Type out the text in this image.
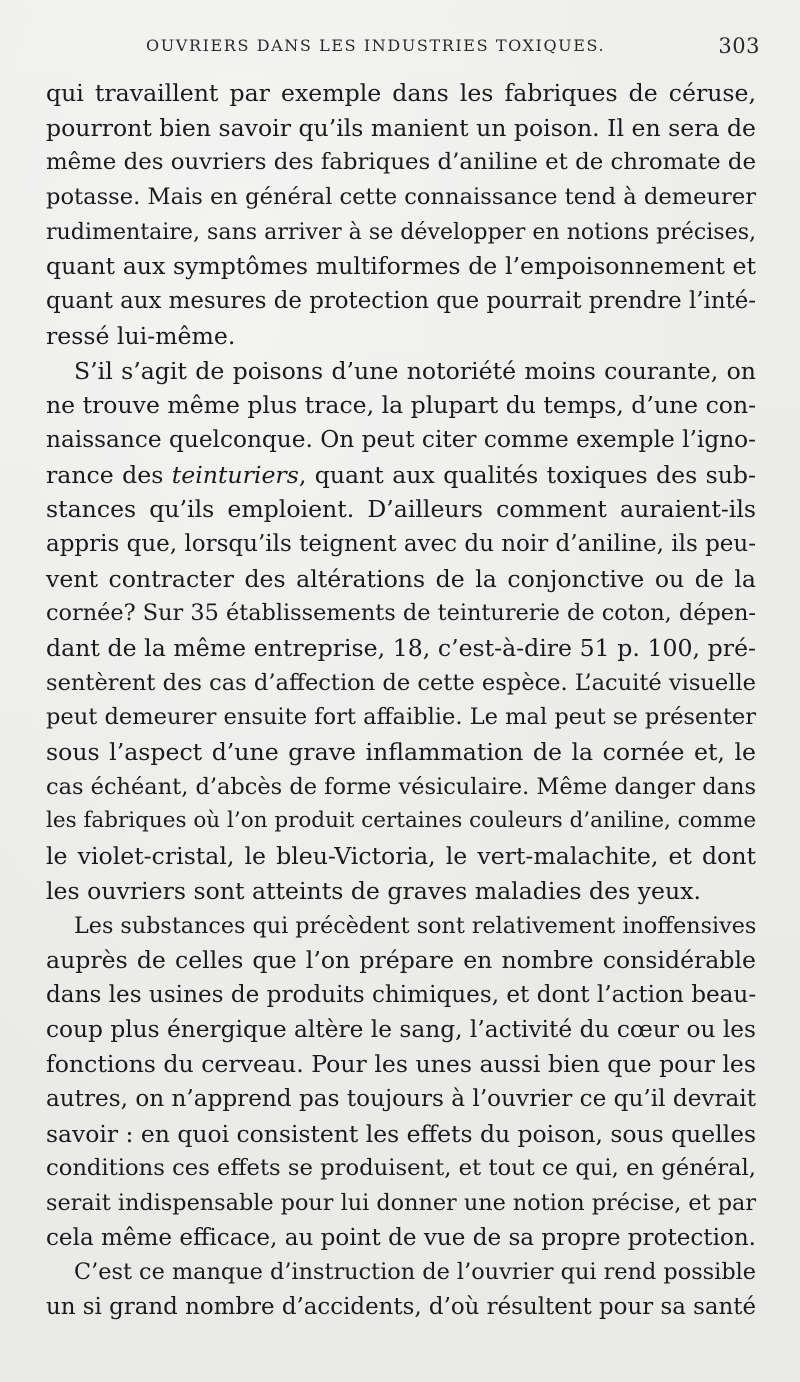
OUVRIERS DANS LES INDUSTRIES TOXIQUES.	303
qui travaillent par exemple dans les fabriques de céruse,
pourront bien savoir qu’ils manient un poison. Il en sera de
même des ouvriers des fabriques d’aniline et de chromate de
potasse. Mais en général cette connaissance tend à demeurer
rudimentaire, sans arriver à se développer en notions précises,
quant aux symptômes multiformes de l’empoisonnement et
quant aux mesures de protection que pourrait prendre l’inté-
ressé lui-même.
S’il s’agit de poisons d’une notoriété moins courante, on
ne trouve même plus trace, la plupart du temps, d’une con-
naissance quelconque. On peut citer comme exemple l’igno-
rance des teinturiers, quant aux qualités toxiques des sub-
stances qu’ils emploient. D’ailleurs comment auraient-ils
appris que, lorsqu’ils teignent avec du noir d’aniline, ils peu-
vent contracter des altérations de la conjonctive ou de la
cornée? Sur 35 établissements de teinturerie de coton, dépen-
dant de la même entreprise, 18, c’est-à-dire 51 p. 100, pré-
sentèrent des cas d’affection de cette espèce. L’acuité visuelle
peut demeurer ensuite fort affaiblie. Le mal peut se présenter
sous l’aspect d’une grave inflammation de la cornée et, le
cas échéant, d’abcès de forme vésiculaire. Même danger dans
les fabriques où l’on produit certaines couleurs d’aniline, comme
le violet-cristal, le bleu-Victoria, le vert-malachite, et dont
les ouvriers sont atteints de graves maladies des yeux.
Les substances qui précèdent sont relativement inoffensives
auprès de celles que l’on prépare en nombre considérable
dans les usines de produits chimiques, et dont l’action beau-
coup plus énergique altère le sang, l’activité du cœur ou les
fonctions du cerveau. Pour les unes aussi bien que pour les
autres, on n’apprend pas toujours à l’ouvrier ce qu’il devrait
savoir : en quoi consistent les effets du poison, sous quelles
conditions ces effets se produisent, et tout ce qui, en général,
serait indispensable pour lui donner une notion précise, et par
cela même efficace, au point de vue de sa propre protection.
C’est ce manque d’instruction de l’ouvrier qui rend possible
un si grand nombre d’accidents, d’où résultent pour sa santé
